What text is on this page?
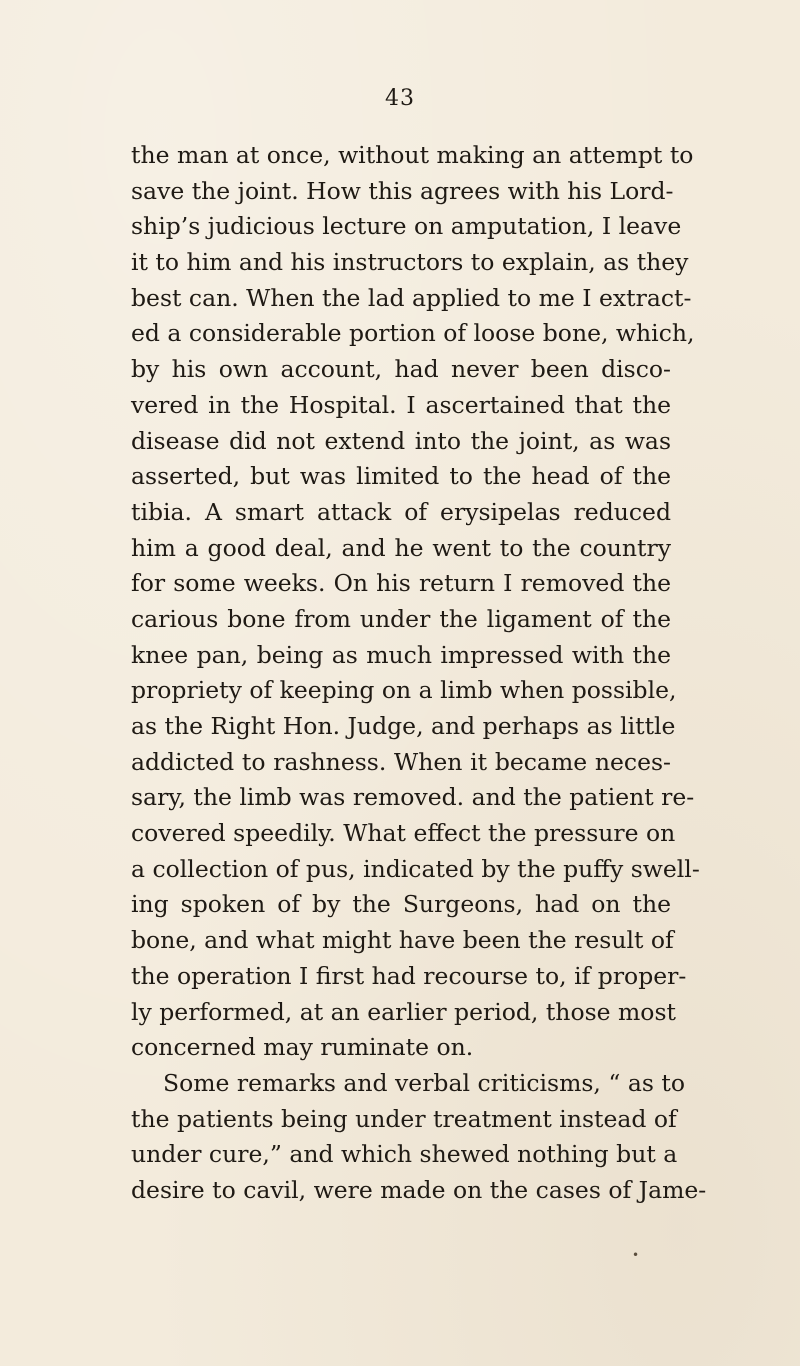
43
the man at once, without making an attempt to
save the joint. How this agrees with his Lord-
ship’s judicious lecture on amputation, I leave
it to him and his instructors to explain, as they
best can. When the lad applied to me I extract-
ed a considerable portion of loose bone, which,
by his own account, had never been disco-
vered in the Hospital. I ascertained that the
disease did not extend into the joint, as was
asserted, but was limited to the head of the
tibia. A smart attack of erysipelas reduced
him a good deal, and he went to the country
for some weeks. On his return I removed the
carious bone from under the ligament of the
knee pan, being as much impressed with the
propriety of keeping on a limb when possible,
as the Right Hon. Judge, and perhaps as little
addicted to rashness. When it became neces-
sary, the limb was removed. and the patient re-
covered speedily. What effect the pressure on
a collection of pus, indicated by the puffy swell-
ing spoken of by the Surgeons, had on the
bone, and what might have been the result of
the operation I first had recourse to, if proper-
ly performed, at an earlier period, those most
concerned may ruminate on.
Some remarks and verbal criticisms, “ as to
the patients being under treatment instead of
under cure,” and which shewed nothing but a
desire to cavil, were made on the cases of Jame-
•
